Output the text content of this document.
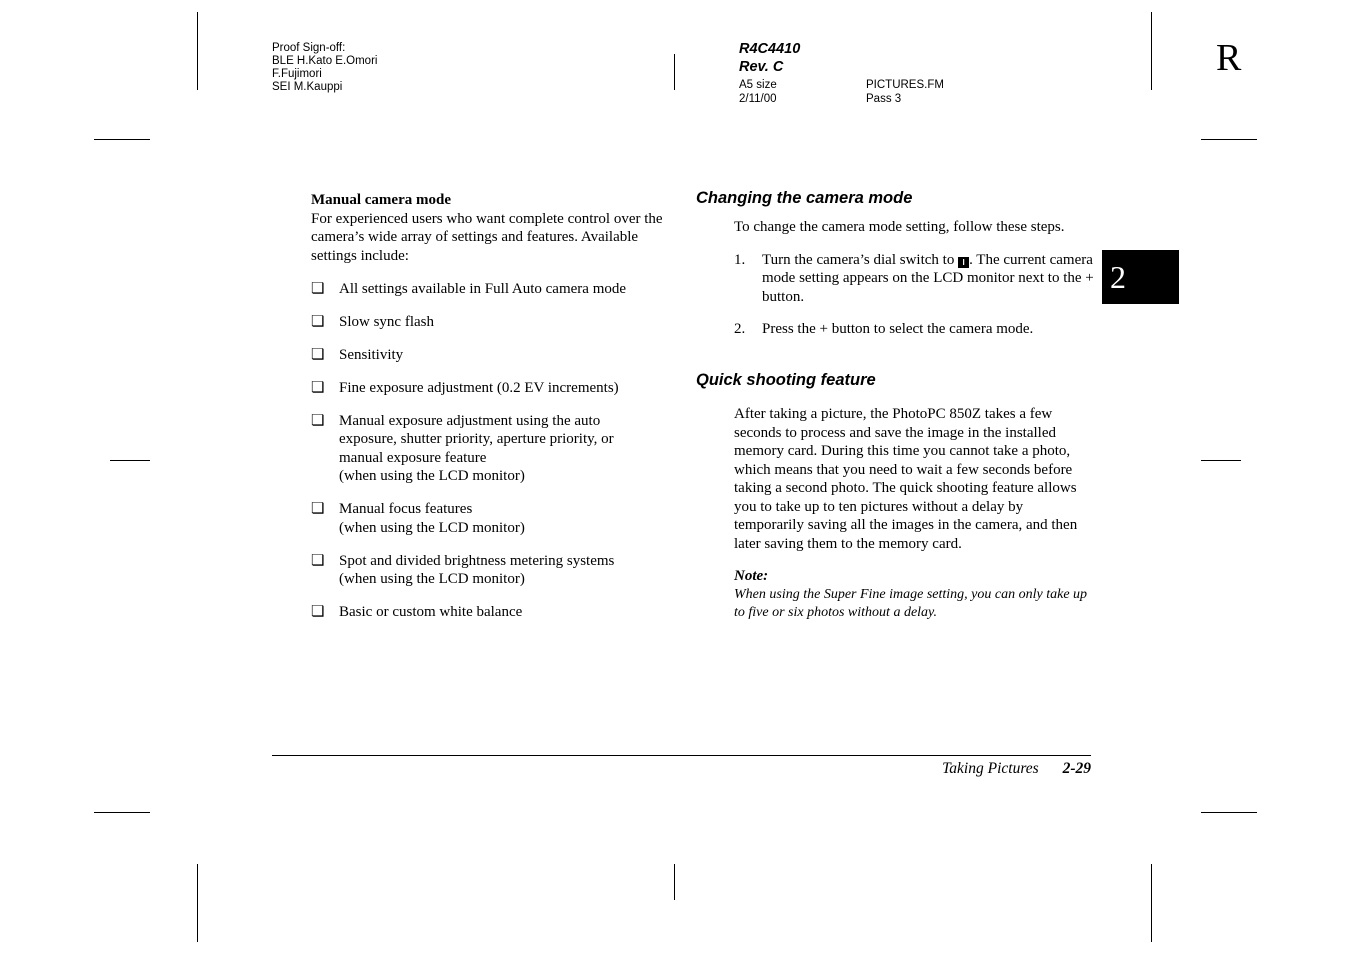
Proof Sign-off:
BLE H.Kato E.Omori
F.Fujimori
SEI M.Kauppi
R4C4410
Rev. C
A5 size
2/11/00
PICTURES.FM
Pass 3
R
2
Manual camera mode
For experienced users who want complete control over the camera’s wide array of settings and features. Available settings include:
❏ All settings available in Full Auto camera mode
❏ Slow sync flash
❏ Sensitivity
❏ Fine exposure adjustment (0.2 EV increments)
❏ Manual exposure adjustment using the auto
exposure, shutter priority, aperture priority, or
manual exposure feature
(when using the LCD monitor)
❏ Manual focus features
(when using the LCD monitor)
❏ Spot and divided brightness metering systems
(when using the LCD monitor)
❏ Basic or custom white balance
Changing the camera mode
To change the camera mode setting, follow these steps.
1. Turn the camera’s dial switch to I . The current camera mode setting appears on the LCD monitor next to the + button.
2. Press the + button to select the camera mode.
Quick shooting feature
After taking a picture, the PhotoPC 850Z takes a few seconds to process and save the image in the installed memory card. During this time you cannot take a photo, which means that you need to wait a few seconds before taking a second photo. The quick shooting feature allows you to take up to ten pictures without a delay by temporarily saving all the images in the camera, and then later saving them to the memory card.
Note:
When using the Super Fine image setting, you can only take up to five or six photos without a delay.
Taking Pictures 2-29
